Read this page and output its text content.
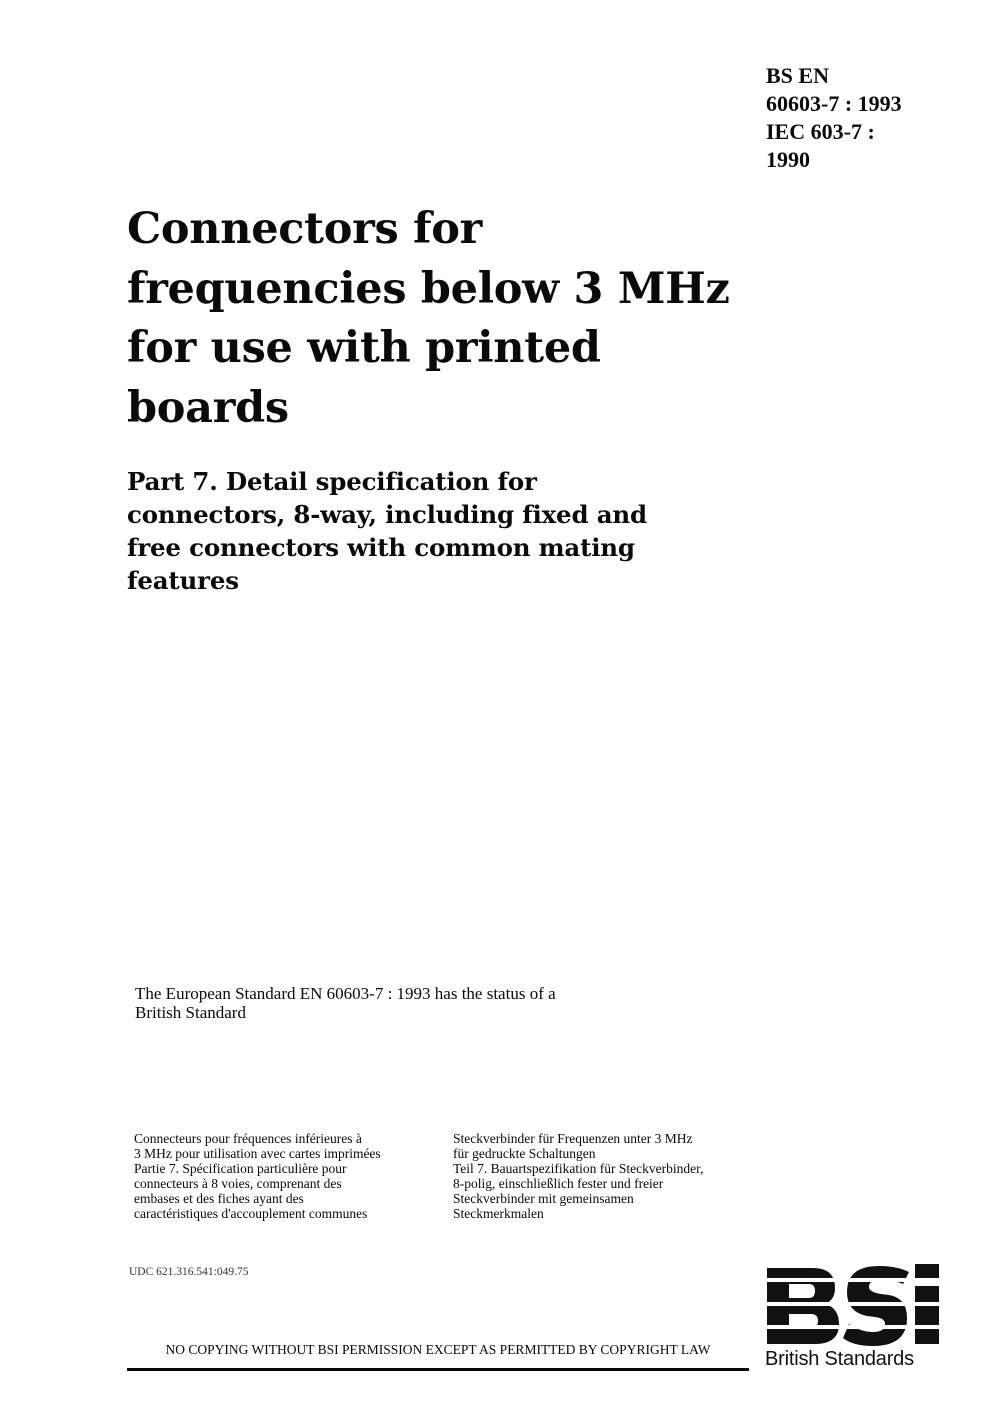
BS EN
60603-7 : 1993
IEC 603-7 :
1990
Connectors for
frequencies below 3 MHz
for use with printed
boards
Part 7. Detail specification for
connectors, 8-way, including fixed and
free connectors with common mating
features
The European Standard EN 60603-7 : 1993 has the status of a
British Standard
Connecteurs pour fréquences inférieures à
3 MHz pour utilisation avec cartes imprimées
Partie 7. Spécification particulière pour
connecteurs à 8 voies, comprenant des
embases et des fiches ayant des
caractéristiques d'accouplement communes
Steckverbinder für Frequenzen unter 3 MHz
für gedruckte Schaltungen
Teil 7. Bauartspezifikation für Steckverbinder,
8-polig, einschließlich fester und freier
Steckverbinder mit gemeinsamen
Steckmerkmalen
UDC 621.316.541:049.75
NO COPYING WITHOUT BSI PERMISSION EXCEPT AS PERMITTED BY COPYRIGHT LAW	British Standards
